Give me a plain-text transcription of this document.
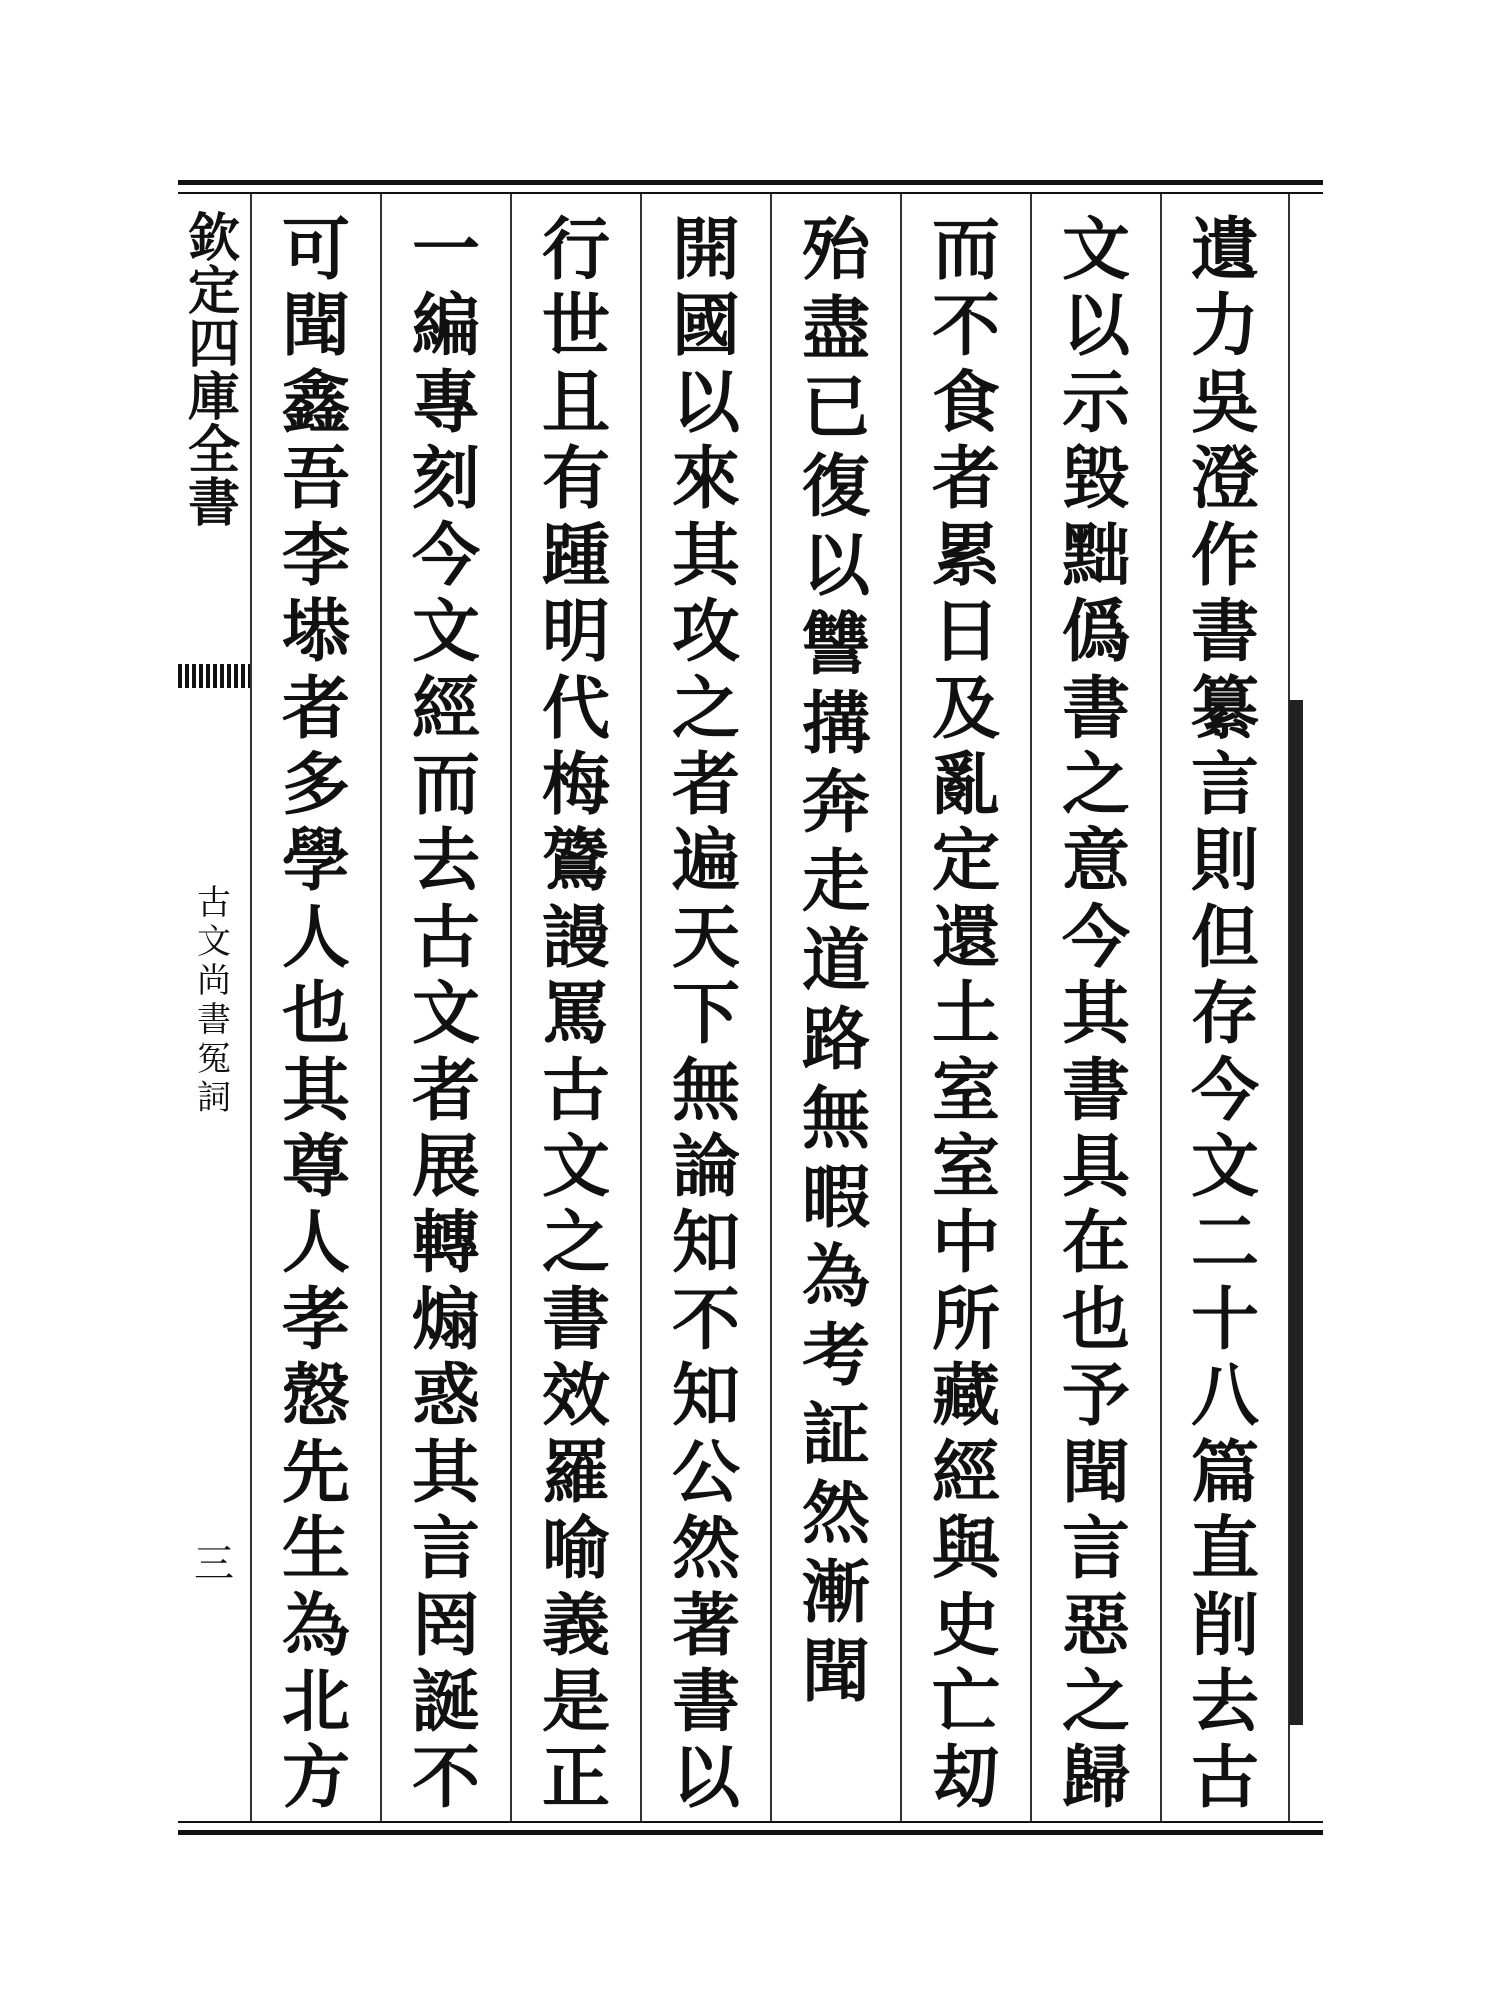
欽
定
四
庫
全
書
古
文
尚
書
冤
詞
三
遺
力
吳
澄
作
書
纂
言
則
但
存
今
文
二
十
八
篇
直
削
去
古
文
以
示
毀
黜
僞
書
之
意
今
其
書
具
在
也
予
聞
言
惡
之
歸
而
不
食
者
累
日
及
亂
定
還
土
室
室
中
所
藏
經
與
史
亡
刧
殆
盡
已
復
以
讐
搆
奔
走
道
路
無
暇
為
考
証
然
漸
聞
開
國
以
來
其
攻
之
者
遍
天
下
無
論
知
不
知
公
然
著
書
以
行
世
且
有
踵
明
代
梅
鷟
謾
罵
古
文
之
書
效
羅
喻
義
是
正
一
編
專
刻
今
文
經
而
去
古
文
者
展
轉
煽
惑
其
言
罔
誕
不
可
聞
鑫
吾
李
塨
者
多
學
人
也
其
尊
人
孝
慤
先
生
為
北
方
